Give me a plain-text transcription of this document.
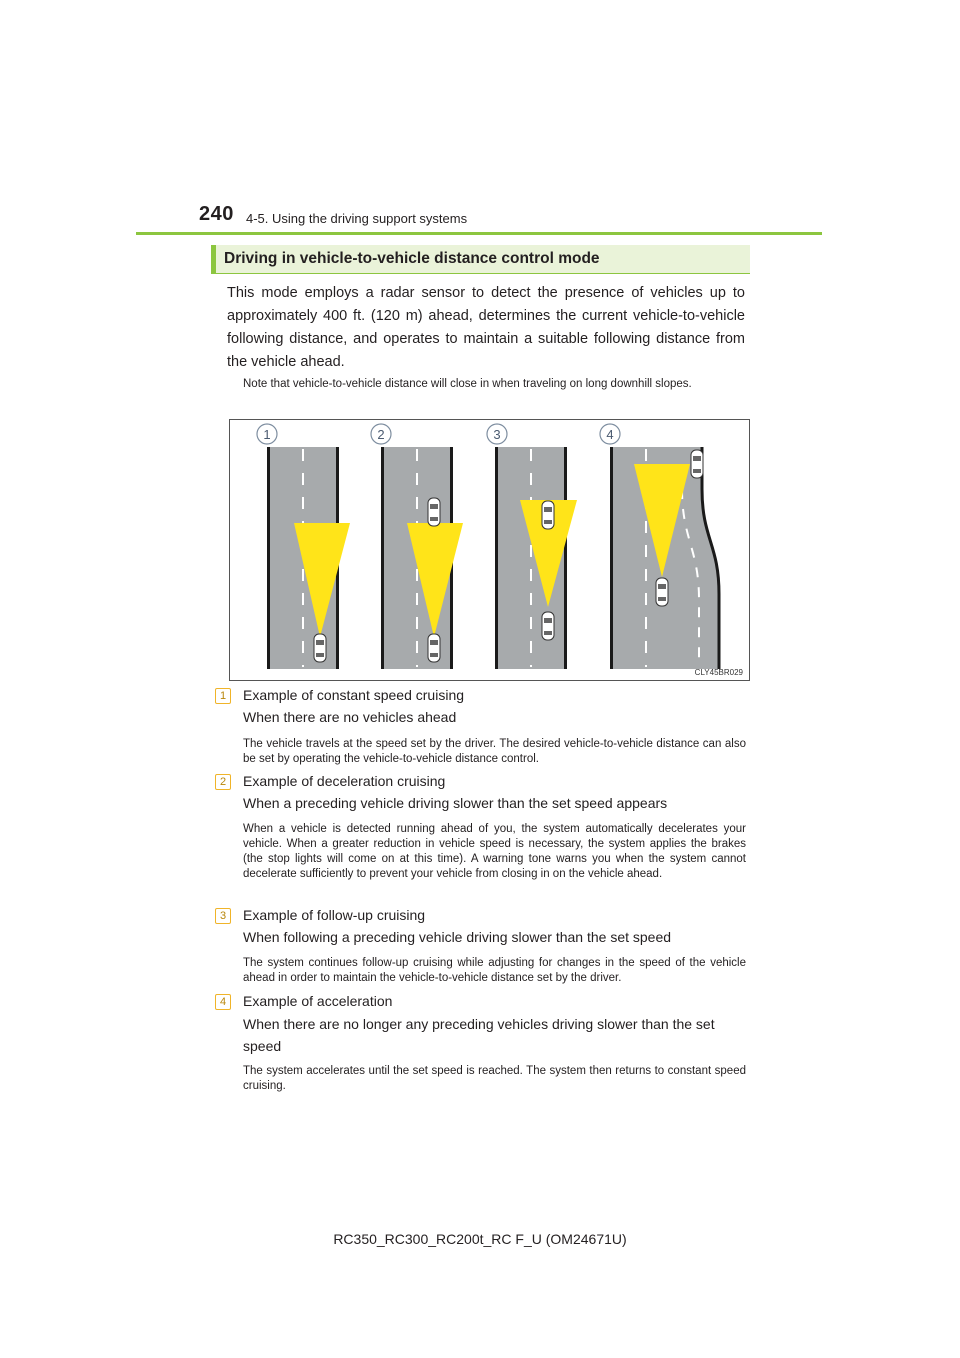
240 4-5. Using the driving support systems
Driving in vehicle-to-vehicle distance control mode

This mode employs a radar sensor to detect the presence of vehicles up to approximately 400 ft. (120 m) ahead, determines the current vehicle-to-vehicle following distance, and operates to maintain a suitable following distance from the vehicle ahead.

Note that vehicle-to-vehicle distance will close in when traveling on long downhill slopes.

1	2	3	4
CLY45BR029
1	Example of constant speed cruising
When there are no vehicles ahead

The vehicle travels at the speed set by the driver. The desired vehicle-to-vehicle distance can also be set by operating the vehicle-to-vehicle distance control.

2	Example of deceleration cruising
When a preceding vehicle driving slower than the set speed appears

When a vehicle is detected running ahead of you, the system automatically decelerates your vehicle. When a greater reduction in vehicle speed is necessary, the system applies the brakes (the stop lights will come on at this time). A warning tone warns you when the system cannot decelerate sufficiently to prevent your vehicle from closing in on the vehicle ahead.

3	Example of follow-up cruising
When following a preceding vehicle driving slower than the set speed

The system continues follow-up cruising while adjusting for changes in the speed of the vehicle ahead in order to maintain the vehicle-to-vehicle distance set by the driver.

4	Example of acceleration
When there are no longer any preceding vehicles driving slower than the set speed

The system accelerates until the set speed is reached. The system then returns to constant speed cruising.

RC350_RC300_RC200t_RC F_U (OM24671U)
